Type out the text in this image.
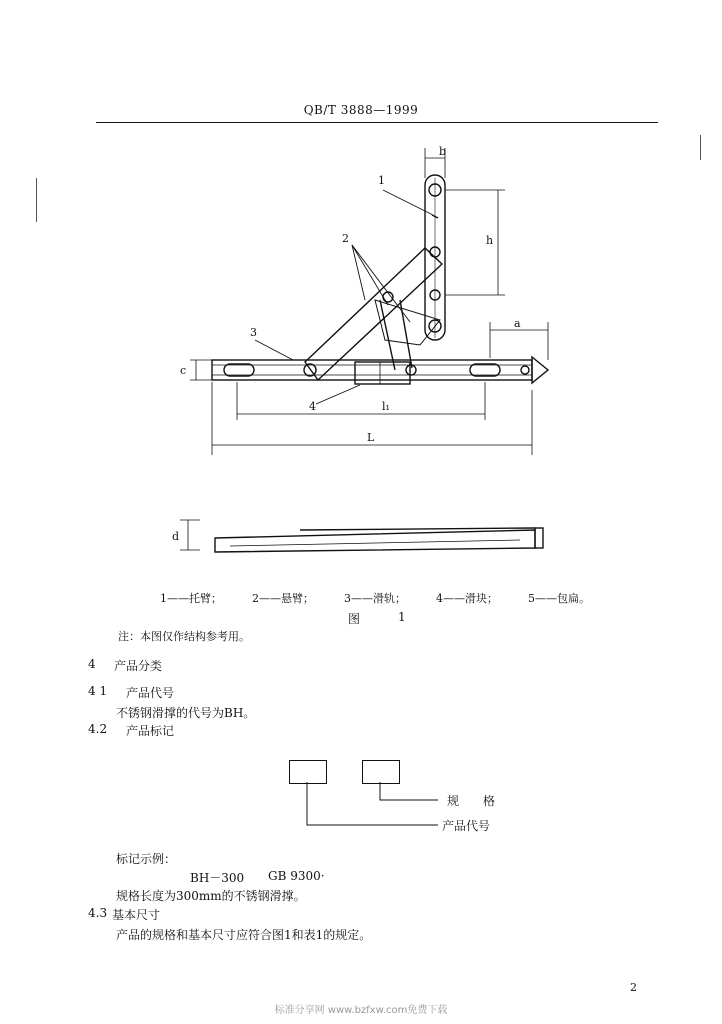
QB/T 3888—1999
1
2
3
4
b
h
a
c
l₁
L
d
1——托臂；	2——悬臂；	3——滑轨；	4——滑块；	5——包扁。
图	1
注：本图仅作结构参考用。
4 产品分类
4 1 产品代号
不锈钢滑撑的代号为BH。
4.2 产品标记
规　　格
产品代号
标记示例：
BH－300 GB 9300·
规格长度为300mm的不锈钢滑撑。
4.3 基本尺寸
产品的规格和基本尺寸应符合图1和表1的规定。
2
标准分享网 www.bzfxw.com免费下载
